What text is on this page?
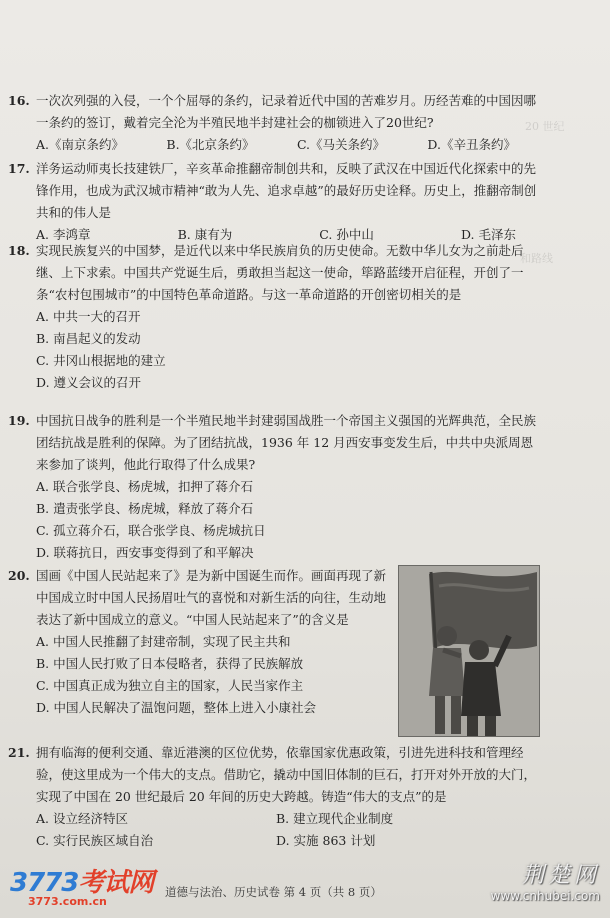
20 世纪
和路线
16. 一次次列强的入侵，一个个屈辱的条约，记录着近代中国的苦难岁月。历经苦难的中国因哪一条约的签订，戴着完全沦为半殖民地半封建社会的枷锁进入了20世纪?
A.《南京条约》	B.《北京条约》	C.《马关条约》	D.《辛丑条约》
17. 洋务运动师夷长技建铁厂，辛亥革命推翻帝制创共和，反映了武汉在中国近代化探索中的先锋作用，也成为武汉城市精神“敢为人先、追求卓越”的最好历史诠释。历史上，推翻帝制创共和的伟人是
A. 李鸿章	B. 康有为	C. 孙中山	D. 毛泽东
18. 实现民族复兴的中国梦，是近代以来中华民族肩负的历史使命。无数中华儿女为之前赴后继、上下求索。中国共产党诞生后，勇敢担当起这一使命，筚路蓝缕开启征程，开创了一条“农村包围城市”的中国特色革命道路。与这一革命道路的开创密切相关的是
A. 中共一大的召开
B. 南昌起义的发动
C. 井冈山根据地的建立
D. 遵义会议的召开
19. 中国抗日战争的胜利是一个半殖民地半封建弱国战胜一个帝国主义强国的光辉典范，全民族团结抗战是胜利的保障。为了团结抗战，1936 年 12 月西安事变发生后，中共中央派周恩来参加了谈判，他此行取得了什么成果?
A. 联合张学良、杨虎城，扣押了蒋介石
B. 遣责张学良、杨虎城，释放了蒋介石
C. 孤立蒋介石，联合张学良、杨虎城抗日
D. 联蒋抗日，西安事变得到了和平解决
20. 国画《中国人民站起来了》是为新中国诞生而作。画面再现了新中国成立时中国人民扬眉吐气的喜悦和对新生活的向往，生动地表达了新中国成立的意义。“中国人民站起来了”的含义是
A. 中国人民推翻了封建帝制，实现了民主共和
B. 中国人民打败了日本侵略者，获得了民族解放
C. 中国真正成为独立自主的国家，人民当家作主
D. 中国人民解决了温饱问题，整体上进入小康社会
21. 拥有临海的便利交通、靠近港澳的区位优势，依靠国家优惠政策，引进先进科技和管理经验，使这里成为一个伟大的支点。借助它，撬动中国旧体制的巨石，打开对外开放的大门，实现了中国在 20 世纪最后 20 年间的历史大跨越。铸造“伟大的支点”的是
A. 设立经济特区	B. 建立现代企业制度
C. 实行民族区域自治	D. 实施 863 计划
道德与法治、历史试卷 第 4 页（共 8 页）
3773考试网
3773.com.cn
荆楚网
www.cnhubei.com
